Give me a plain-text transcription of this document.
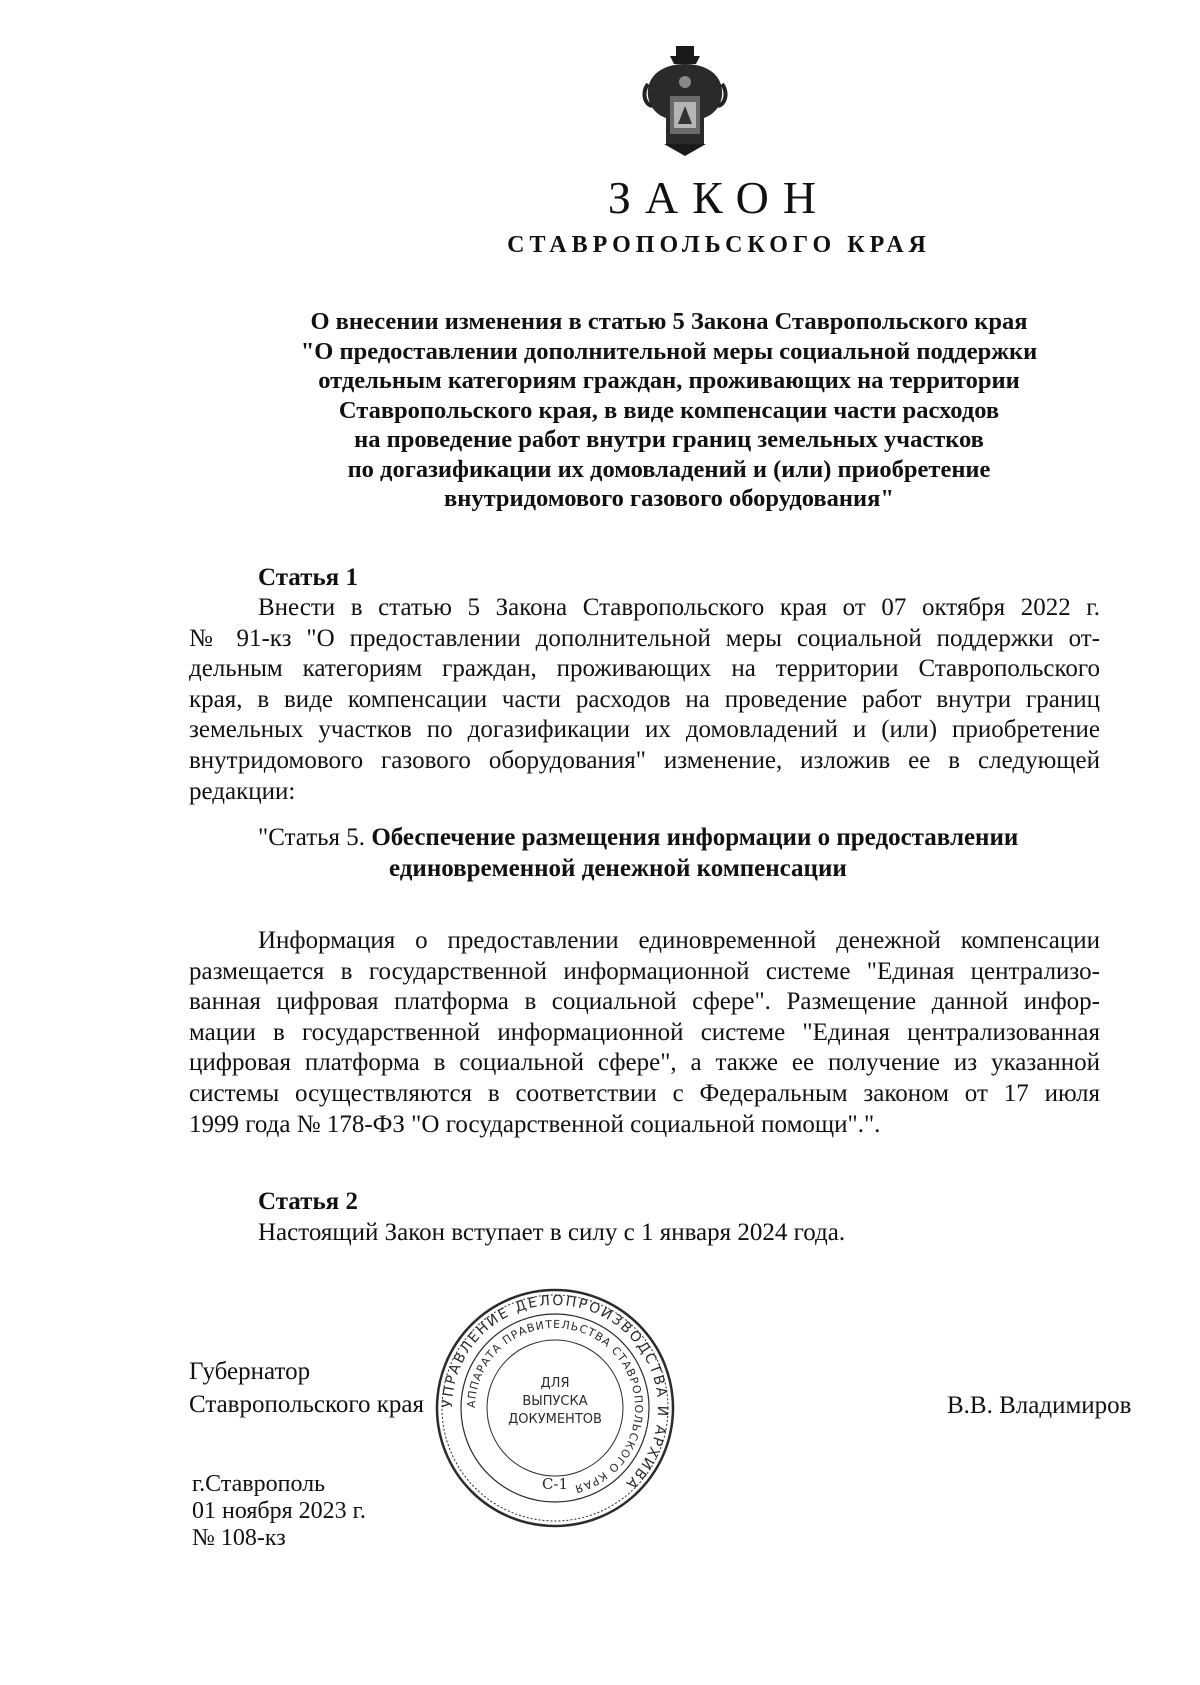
ЗАКОН
СТАВРОПОЛЬСКОГО КРАЯ
О внесении изменения в статью 5 Закона Ставропольского края
"О предоставлении дополнительной меры социальной поддержки
отдельным категориям граждан, проживающих на территории
Ставропольского края, в виде компенсации части расходов
на проведение работ внутри границ земельных участков
по догазификации их домовладений и (или) приобретение
внутридомового газового оборудования"
Статья 1
Внести в статью 5 Закона Ставропольского края от 07 октября 2022 г.
№ 91-кз "О предоставлении дополнительной меры социальной поддержки от-
дельным категориям граждан, проживающих на территории Ставропольского
края, в виде компенсации части расходов на проведение работ внутри границ
земельных участков по догазификации их домовладений и (или) приобретение
внутридомового газового оборудования" изменение, изложив ее в следующей
редакции:
"Статья 5. Обеспечение размещения информации о предоставлении
единовременной денежной компенсации
Информация о предоставлении единовременной денежной компенсации
размещается в государственной информационной системе "Единая централизо-
ванная цифровая платформа в социальной сфере". Размещение данной инфор-
мации в государственной информационной системе "Единая централизованная
цифровая платформа в социальной сфере", а также ее получение из указанной
системы осуществляются в соответствии с Федеральным законом от 17 июля
1999 года № 178-ФЗ "О государственной социальной помощи".".
Статья 2
Настоящий Закон вступает в силу с 1 января 2024 года.
Губернатор
Ставропольского края	В.В. Владимиров
г.Ставрополь
01 ноября 2023 г.
№ 108-кз
УПРАВЛЕНИЕ ДЕЛОПРОИЗВОДСТВА И АРХИВА
АППАРАТА ПРАВИТЕЛЬСТВА СТАВРОПОЛЬСКОГО КРАЯ
ДЛЯ
ВЫПУСКА
ДОКУМЕНТОВ
С-1
